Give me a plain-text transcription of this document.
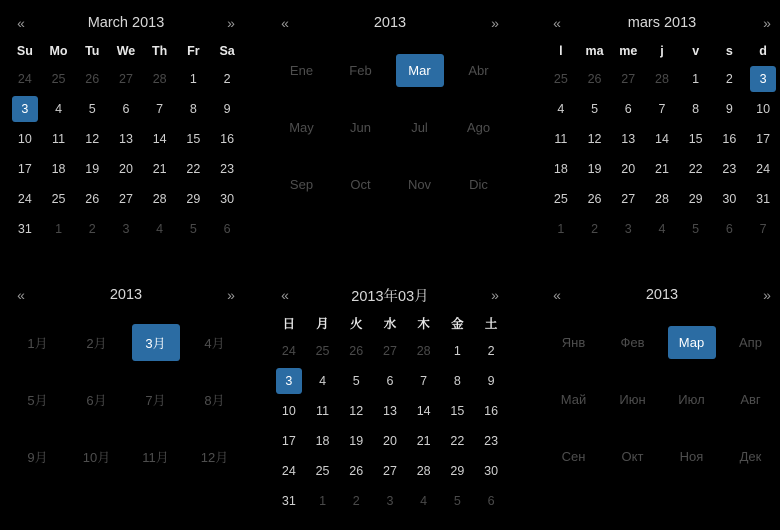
«	March 2013	»
Su	Mo	Tu	We	Th	Fr	Sa

24	25	26	27	28	1	2

3	4	5	6	7	8	9

10	11	12	13	14	15	16

17	18	19	20	21	22	23

24	25	26	27	28	29	30

31	1	2	3	4	5	6
«	2013	»
Ene	Feb	Mar	Abr
May	Jun	Jul	Ago
Sep	Oct	Nov	Dic
«	mars 2013	»
l	ma	me	j	v	s	d

25	26	27	28	1	2	3

4	5	6	7	8	9	10

11	12	13	14	15	16	17

18	19	20	21	22	23	24

25	26	27	28	29	30	31

1	2	3	4	5	6	7
«	2013	»
1月	2月	3月	4月
5月	6月	7月	8月
9月	10月	11月	12月
«	2013年03月	»
日	月	火	水	木	金	土

24	25	26	27	28	1	2

3	4	5	6	7	8	9

10	11	12	13	14	15	16

17	18	19	20	21	22	23

24	25	26	27	28	29	30

31	1	2	3	4	5	6
«	2013	»
Янв	Фев	Мар	Апр
Май	Июн	Июл	Авг
Сен	Окт	Ноя	Дек
